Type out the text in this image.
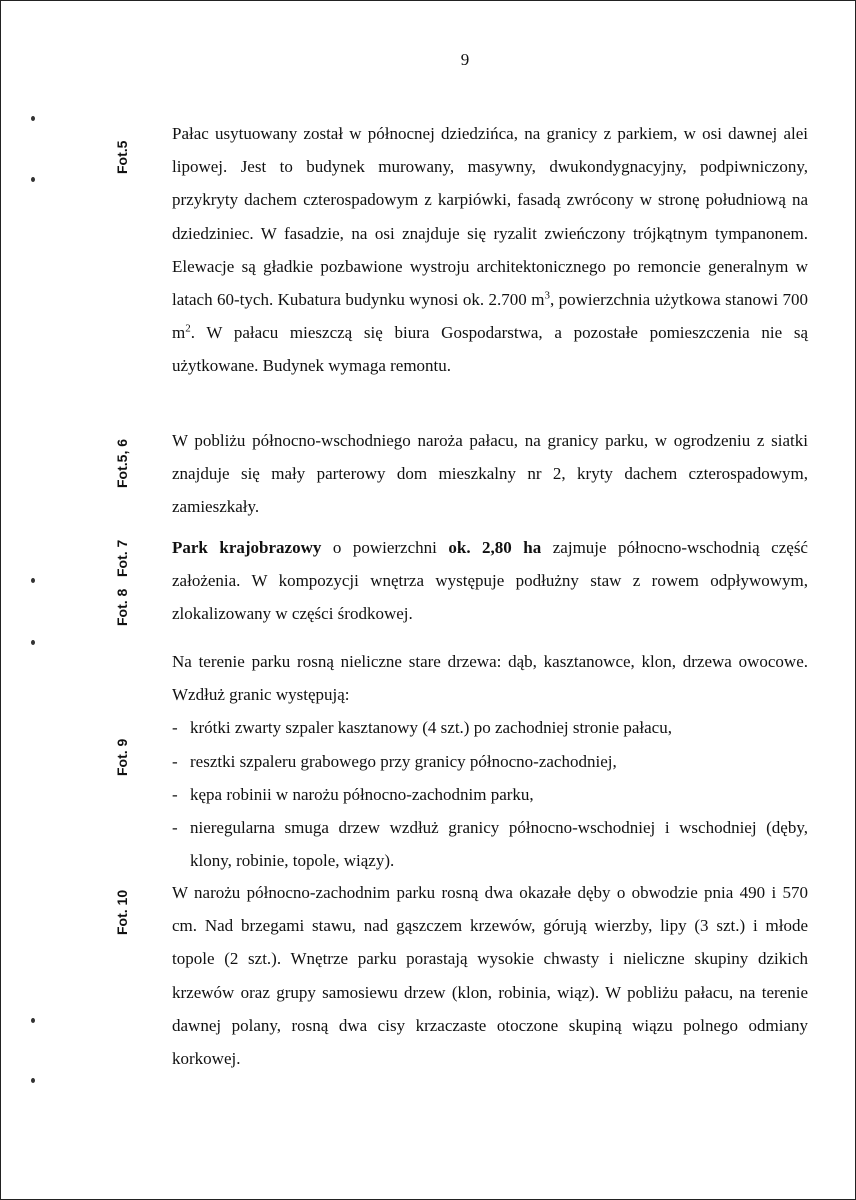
9
Fot.5
Fot.5, 6
Fot. 7
Fot. 8
Fot. 9
Fot. 10

Pałac usytuowany został w północnej dziedzińca, na granicy z parkiem, w osi dawnej alei lipowej. Jest to budynek murowany, masywny, dwukondygnacyjny, podpiwniczony, przykryty dachem czterospadowym z karpiówki, fasadą zwrócony w stronę południową na dziedziniec. W fasadzie, na osi znajduje się ryzalit zwieńczony trójkątnym tympanonem. Elewacje są gładkie pozbawione wystroju architektonicznego po remoncie generalnym w latach 60-tych. Kubatura budynku wynosi ok. 2.700 $m^3$, powierzchnia użytkowa stanowi 700 $m^2$. W pałacu mieszczą się biura Gospodarstwa, a pozostałe pomieszczenia nie są użytkowane. Budynek wymaga remontu.

W pobliżu północno-wschodniego naroża pałacu, na granicy parku, w ogrodzeniu z siatki znajduje się mały parterowy dom mieszkalny nr 2, kryty dachem czterospadowym, zamieszkały.

Park krajobrazowy o powierzchni ok. 2,80 ha zajmuje północno-wschodnią część założenia. W kompozycji wnętrza występuje podłużny staw z rowem odpływowym, zlokalizowany w części środkowej.

Na terenie parku rosną nieliczne stare drzewa: dąb, kasztanowce, klon, drzewa owocowe. Wzdłuż granic występują:

- krótki zwarty szpaler kasztanowy (4 szt.) po zachodniej stronie pałacu,
- resztki szpaleru grabowego przy granicy północno-zachodniej,
- kępa robinii w narożu północno-zachodnim parku,
- nieregularna smuga drzew wzdłuż granicy północno-wschodniej i wschodniej (dęby, klony, robinie, topole, wiązy).

W narożu północno-zachodnim parku rosną dwa okazałe dęby o obwodzie pnia 490 i 570 cm. Nad brzegami stawu, nad gąszczem krzewów, górują wierzby, lipy (3 szt.) i młode topole (2 szt.). Wnętrze parku porastają wysokie chwasty i nieliczne skupiny dzikich krzewów oraz grupy samosiewu drzew (klon, robinia, wiąz). W pobliżu pałacu, na terenie dawnej polany, rosną dwa cisy krzaczaste otoczone skupiną wiązu polnego odmiany korkowej.
